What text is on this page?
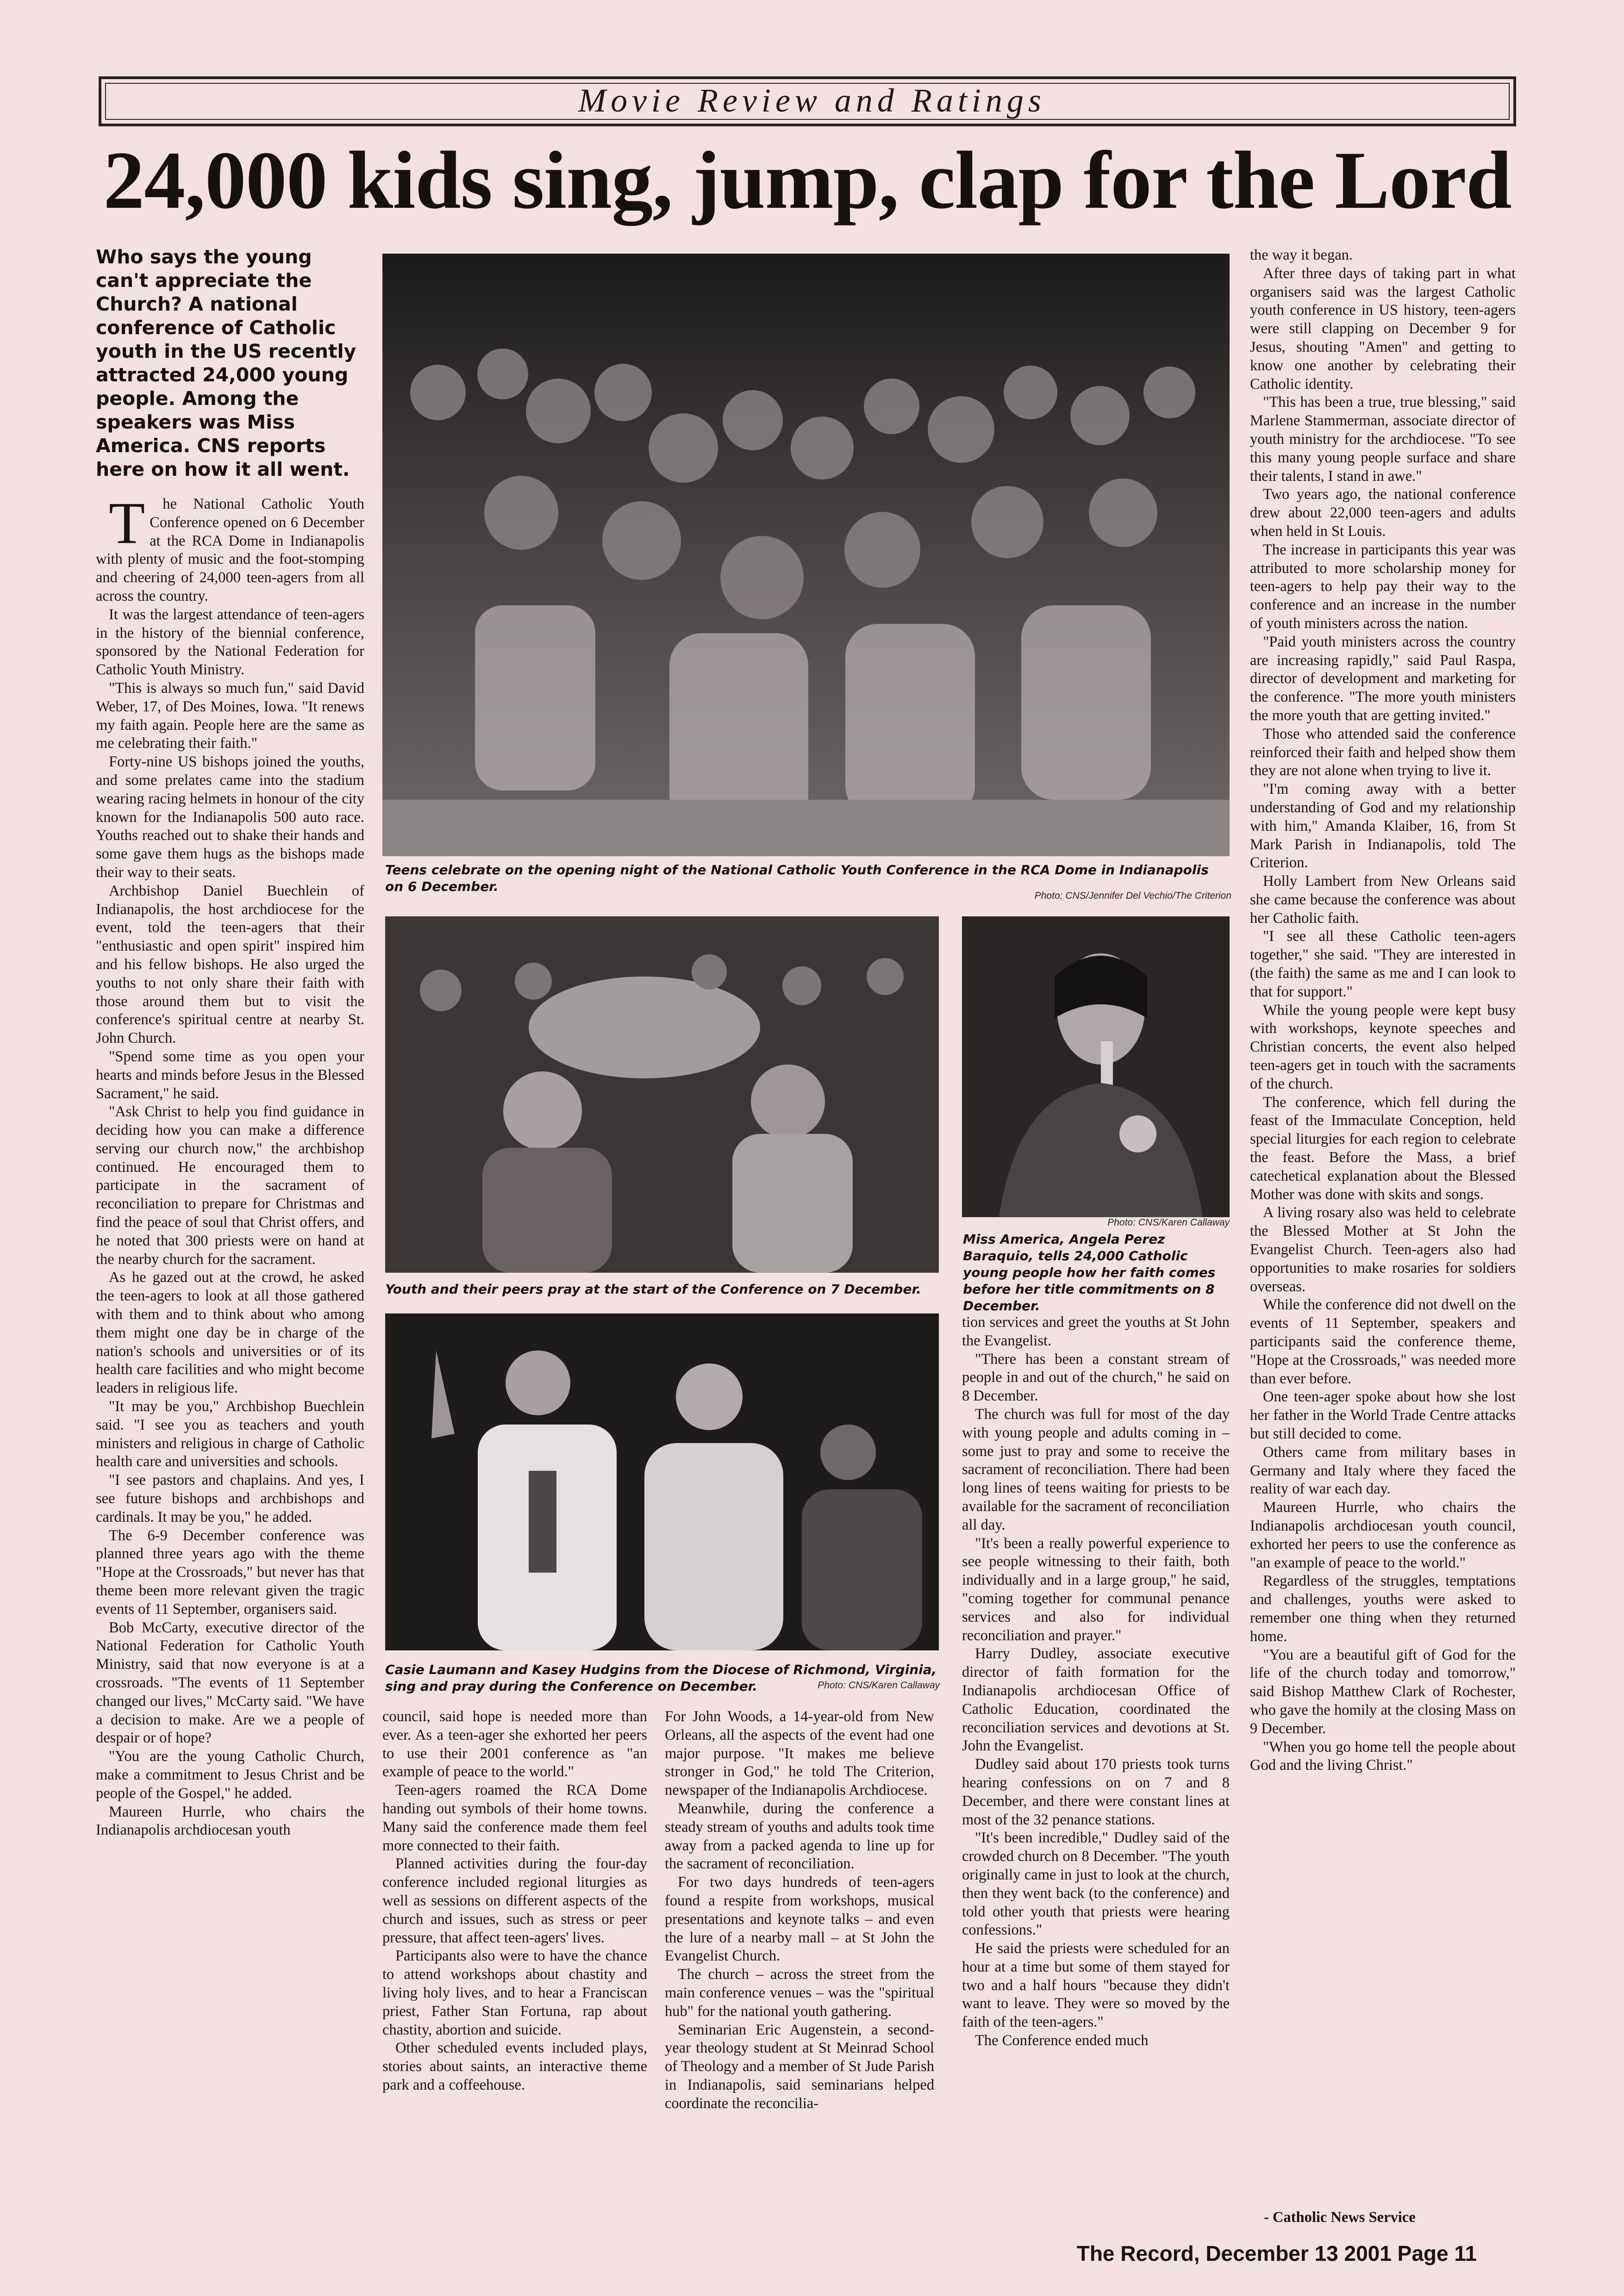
Movie Review and Ratings
24,000 kids sing, jump, clap for the Lord
Who says the young can't appreciate the Church? A national conference of Catholic youth in the US recently attracted 24,000 young people. Among the speakers was Miss America. CNS reports here on how it all went.

The National Catholic Youth Conference opened on 6 December at the RCA Dome in Indianapolis with plenty of music and the foot-stomping and cheering of 24,000 teen-agers from all across the country.

It was the largest attendance of teen-agers in the history of the biennial conference, sponsored by the National Federation for Catholic Youth Ministry.

"This is always so much fun," said David Weber, 17, of Des Moines, Iowa. "It renews my faith again. People here are the same as me celebrating their faith."

Forty-nine US bishops joined the youths, and some prelates came into the stadium wearing racing helmets in honour of the city known for the Indianapolis 500 auto race. Youths reached out to shake their hands and some gave them hugs as the bishops made their way to their seats.

Archbishop Daniel Buechlein of Indianapolis, the host archdiocese for the event, told the teen-agers that their "enthusiastic and open spirit" inspired him and his fellow bishops. He also urged the youths to not only share their faith with those around them but to visit the conference's spiritual centre at nearby St. John Church.

"Spend some time as you open your hearts and minds before Jesus in the Blessed Sacrament," he said.

"Ask Christ to help you find guidance in deciding how you can make a difference serving our church now," the archbishop continued. He encouraged them to participate in the sacrament of reconciliation to prepare for Christmas and find the peace of soul that Christ offers, and he noted that 300 priests were on hand at the nearby church for the sacrament.

As he gazed out at the crowd, he asked the teen-agers to look at all those gathered with them and to think about who among them might one day be in charge of the nation's schools and universities or of its health care facilities and who might become leaders in religious life.

"It may be you," Archbishop Buechlein said. "I see you as teachers and youth ministers and religious in charge of Catholic health care and universities and schools.

"I see pastors and chaplains. And yes, I see future bishops and archbishops and cardinals. It may be you," he added.

The 6-9 December conference was planned three years ago with the theme "Hope at the Crossroads," but never has that theme been more relevant given the tragic events of 11 September, organisers said.

Bob McCarty, executive director of the National Federation for Catholic Youth Ministry, said that now everyone is at a crossroads. "The events of 11 September changed our lives," McCarty said. "We have a decision to make. Are we a people of despair or of hope?

"You are the young Catholic Church, make a commitment to Jesus Christ and be people of the Gospel," he added.

Maureen Hurrle, who chairs the Indianapolis archdiocesan youth

council, said hope is needed more than ever. As a teen-ager she exhorted her peers to use their 2001 conference as "an example of peace to the world."

Teen-agers roamed the RCA Dome handing out symbols of their home towns. Many said the conference made them feel more connected to their faith.

Planned activities during the four-day conference included regional liturgies as well as sessions on different aspects of the church and issues, such as stress or peer pressure, that affect teen-agers' lives.

Participants also were to have the chance to attend workshops about chastity and living holy lives, and to hear a Franciscan priest, Father Stan Fortuna, rap about chastity, abortion and suicide.

Other scheduled events included plays, stories about saints, an interactive theme park and a coffeehouse.

For John Woods, a 14-year-old from New Orleans, all the aspects of the event had one major purpose. "It makes me believe stronger in God," he told The Criterion, newspaper of the Indianapolis Archdiocese.

Meanwhile, during the conference a steady stream of youths and adults took time away from a packed agenda to line up for the sacrament of reconciliation.

For two days hundreds of teen-agers found a respite from workshops, musical presentations and keynote talks – and even the lure of a nearby mall – at St John the Evangelist Church.

The church – across the street from the main conference venues – was the "spiritual hub" for the national youth gathering.

Seminarian Eric Augenstein, a second-year theology student at St Meinrad School of Theology and a member of St Jude Parish in Indianapolis, said seminarians helped coordinate the reconcilia-

tion services and greet the youths at St John the Evangelist.

"There has been a constant stream of people in and out of the church," he said on 8 December.

The church was full for most of the day with young people and adults coming in – some just to pray and some to receive the sacrament of reconciliation. There had been long lines of teens waiting for priests to be available for the sacrament of reconciliation all day.

"It's been a really powerful experience to see people witnessing to their faith, both individually and in a large group," he said, "coming together for communal penance services and also for individual reconciliation and prayer."

Harry Dudley, associate executive director of faith formation for the Indianapolis archdiocesan Office of Catholic Education, coordinated the reconciliation services and devotions at St. John the Evangelist.

Dudley said about 170 priests took turns hearing confessions on on 7 and 8 December, and there were constant lines at most of the 32 penance stations.

"It's been incredible," Dudley said of the crowded church on 8 December. "The youth originally came in just to look at the church, then they went back (to the conference) and told other youth that priests were hearing confessions."

He said the priests were scheduled for an hour at a time but some of them stayed for two and a half hours "because they didn't want to leave. They were so moved by the faith of the teen-agers."

The Conference ended much

the way it began.

After three days of taking part in what organisers said was the largest Catholic youth conference in US history, teen-agers were still clapping on December 9 for Jesus, shouting "Amen" and getting to know one another by celebrating their Catholic identity.

"This has been a true, true blessing," said Marlene Stammerman, associate director of youth ministry for the archdiocese. "To see this many young people surface and share their talents, I stand in awe."

Two years ago, the national conference drew about 22,000 teen-agers and adults when held in St Louis.

The increase in participants this year was attributed to more scholarship money for teen-agers to help pay their way to the conference and an increase in the number of youth ministers across the nation.

"Paid youth ministers across the country are increasing rapidly," said Paul Raspa, director of development and marketing for the conference. "The more youth ministers the more youth that are getting invited."

Those who attended said the conference reinforced their faith and helped show them they are not alone when trying to live it.

"I'm coming away with a better understanding of God and my relationship with him," Amanda Klaiber, 16, from St Mark Parish in Indianapolis, told The Criterion.

Holly Lambert from New Orleans said she came because the conference was about her Catholic faith.

"I see all these Catholic teen-agers together," she said. "They are interested in (the faith) the same as me and I can look to that for support."

While the young people were kept busy with workshops, keynote speeches and Christian concerts, the event also helped teen-agers get in touch with the sacraments of the church.

The conference, which fell during the feast of the Immaculate Conception, held special liturgies for each region to celebrate the feast. Before the Mass, a brief catechetical explanation about the Blessed Mother was done with skits and songs.

A living rosary also was held to celebrate the Blessed Mother at St John the Evangelist Church. Teen-agers also had opportunities to make rosaries for soldiers overseas.

While the conference did not dwell on the events of 11 September, speakers and participants said the conference theme, "Hope at the Crossroads," was needed more than ever before.

One teen-ager spoke about how she lost her father in the World Trade Centre attacks but still decided to come.

Others came from military bases in Germany and Italy where they faced the reality of war each day.

Maureen Hurrle, who chairs the Indianapolis archdiocesan youth council, exhorted her peers to use the conference as "an example of peace to the world."

Regardless of the struggles, temptations and challenges, youths were asked to remember one thing when they returned home.

"You are a beautiful gift of God for the life of the church today and tomorrow," said Bishop Matthew Clark of Rochester, who gave the homily at the closing Mass on 9 December.

"When you go home tell the people about God and the living Christ."

Teens celebrate on the opening night of the National Catholic Youth Conference in the RCA Dome in Indianapolis on 6 December.
Photo: CNS/Jennifer Del Vechio/The Criterion
Youth and their peers pray at the start of the Conference on 7 December.
Photo: CNS/Karen Callaway
Miss America, Angela Perez Baraquio, tells 24,000 Catholic young people how her faith comes before her title commitments on 8 December.
Casie Laumann and Kasey Hudgins from the Diocese of Richmond, Virginia, sing and pray during the Conference on December.	Photo: CNS/Karen Callaway
- Catholic News Service
The Record, December 13 2001 Page 11
